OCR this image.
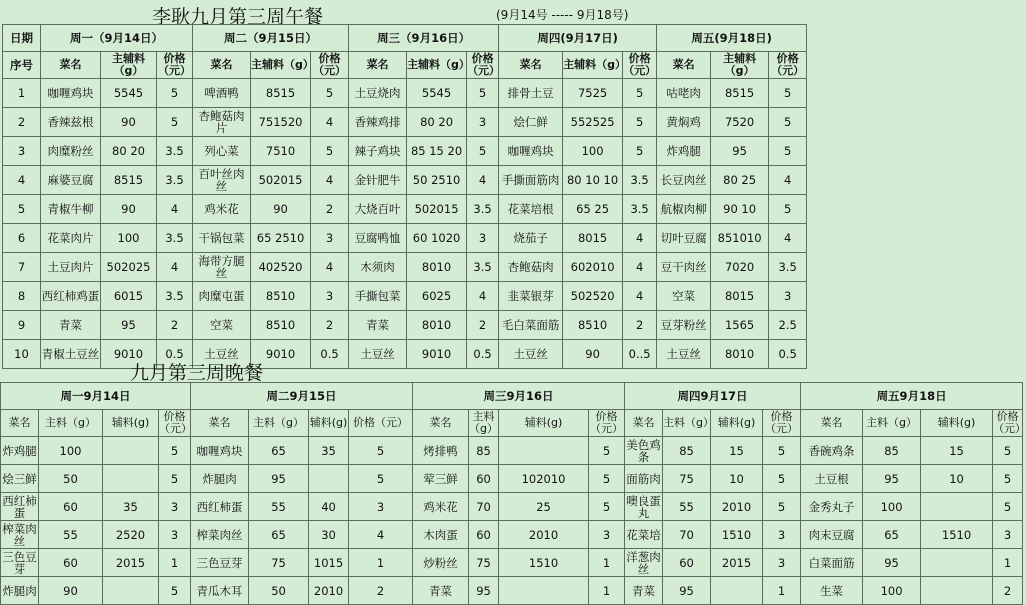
李耿九月第三周午餐	(9月14号 ----- 9月18号)
日期	周一（9月14日）			周二（9月15日）			周三（9月16日）			周四(9月17日)			周五(9月18日)		
序号	菜名	主辅料（g）	价格（元）	菜名	主辅料（g）	价格（元）	菜名	主辅料（g）	价格（元）	菜名	主辅料（g）	价格（元）	菜名	主辅料（g）	价格（元）
1	咖喱鸡块	5545	5	啤酒鸭	8515	5	土豆烧肉	5545	5	排骨土豆	7525	5	咕咾肉	8515	5
2	香辣兹根	90	5	杏鲍菇肉片	751520	4	香辣鸡排	80 20	3	烩仁鲜	552525	5	黄焖鸡	7520	5
3	肉糜粉丝	80 20	3.5	列心菜	7510	5	辣子鸡块	85 15 20	5	咖喱鸡块	100	5	炸鸡腿	95	5
4	麻婆豆腐	8515	3.5	百叶丝肉丝	502015	4	金针肥牛	50 2510	4	手撕面筋肉	80 10 10	3.5	长豆肉丝	80 25	4
5	青椒牛柳	90	4	鸡米花	90	2	大烧百叶	502015	3.5	花菜培根	65 25	3.5	航椒肉柳	90 10	5
6	花菜肉片	100	3.5	干锅包菜	65 2510	3	豆腐鸭恤	60 1020	3	烧茄子	8015	4	切叶豆腐	851010	4
7	土豆肉片	502025	4	海带方腿丝	402520	4	木须肉	8010	3.5	杏鲍菇肉	602010	4	豆干肉丝	7020	3.5
8	西红柿鸡蛋	6015	3.5	肉糜屯蛋	8510	3	手撕包菜	6025	4	韭菜银芽	502520	4	空菜	8015	3
9	青菜	95	2	空菜	8510	2	青菜	8010	2	毛白菜面筋	8510	2	豆芽粉丝	1565	2.5
10	青椒土豆丝	9010	0.5	土豆丝	9010	0.5	土豆丝	9010	0.5	土豆丝	90	0..5	土豆丝	8010	0.5
九月第三周晚餐
周一9月14日				周二9月15日				周三9月16日				周四9月17日				周五9月18日			
菜名	主料（g）	辅料(g)	价格（元）	菜名	主料（g）	辅料(g)	价格（元）	菜名	主料（g）	辅料(g)	价格（元）	菜名	主料（g）	辅料(g)	价格（元）	菜名	主料（g）	辅料(g)	价格（元）
炸鸡腿	100		5	咖喱鸡块	65	35	5	烤排鸭	85		5	美色鸡条	85	15	5	香碗鸡条	85	15	5
烩三鲜	50		5	炸腿肉	95		5	荤三鲜	60	102010	5	面筋肉	75	10	5	土豆根	95	10	5
西红柿蛋	60	35	3	西红柿蛋	55	40	3	鸡米花	70	25	5	噢良蛋丸	55	2010	5	金秀丸子	100		5
榨菜肉丝	55	2520	3	榨菜肉丝	65	30	4	木肉蛋	60	2010	3	花菜培	70	1510	3	肉末豆腐	65	1510	3
三色豆芽	60	2015	1	三色豆芽	75	1015	1	炒粉丝	75	1510	1	洋葱肉丝	60	2015	3	白菜面筋	95		1
炸腿肉	90		5	青瓜木耳	50	2010	2	青菜	95		1	青菜	95		1	生菜	100		2
